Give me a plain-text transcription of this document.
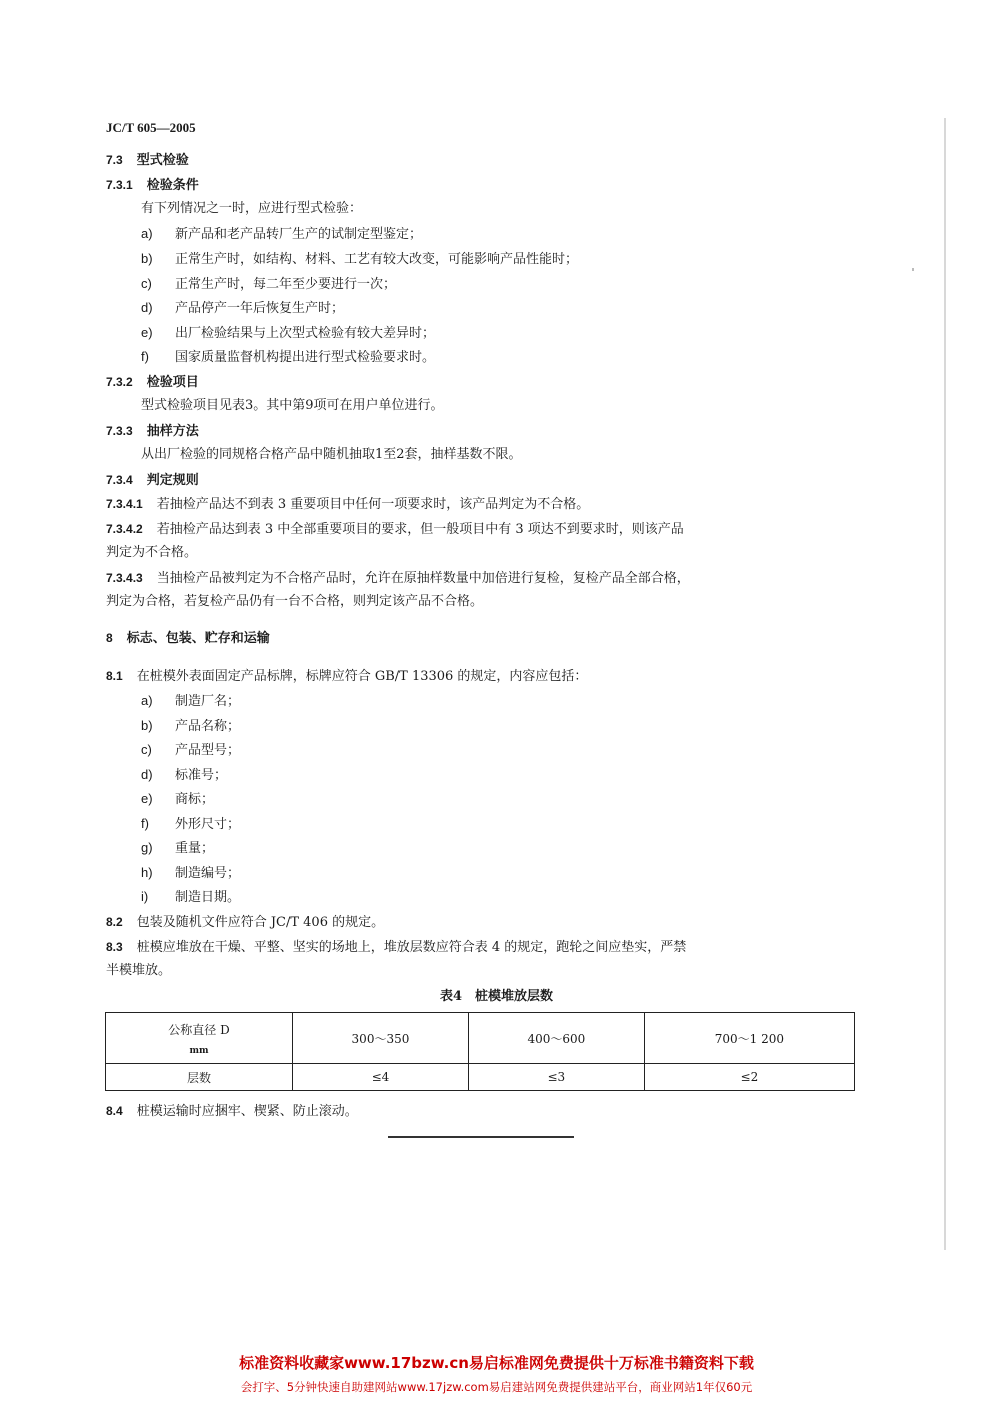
JC/T 605—2005
7.3 型式检验
7.3.1 检验条件
有下列情况之一时，应进行型式检验：
a) 新产品和老产品转厂生产的试制定型鉴定；
b) 正常生产时，如结构、材料、工艺有较大改变，可能影响产品性能时；
c) 正常生产时，每二年至少要进行一次；
d) 产品停产一年后恢复生产时；
e) 出厂检验结果与上次型式检验有较大差异时；
f) 国家质量监督机构提出进行型式检验要求时。
7.3.2 检验项目
型式检验项目见表3。其中第9项可在用户单位进行。
7.3.3 抽样方法
从出厂检验的同规格合格产品中随机抽取1至2套，抽样基数不限。
7.3.4 判定规则
7.3.4.1 若抽检产品达不到表 3 重要项目中任何一项要求时，该产品判定为不合格。
7.3.4.2 若抽检产品达到表 3 中全部重要项目的要求，但一般项目中有 3 项达不到要求时，则该产品
判定为不合格。
7.3.4.3 当抽检产品被判定为不合格产品时，允许在原抽样数量中加倍进行复检，复检产品全部合格，
判定为合格，若复检产品仍有一台不合格，则判定该产品不合格。
8 标志、包装、贮存和运输
8.1 在桩模外表面固定产品标牌，标牌应符合 GB/T 13306 的规定，内容应包括：
a) 制造厂名；
b) 产品名称；
c) 产品型号；
d) 标准号；
e) 商标；
f) 外形尺寸；
g) 重量；
h) 制造编号；
i) 制造日期。
8.2 包装及随机文件应符合 JC/T 406 的规定。
8.3 桩模应堆放在干燥、平整、坚实的场地上，堆放层数应符合表 4 的规定，跑轮之间应垫实，严禁
半模堆放。
表4　桩模堆放层数
公称直径 D
mm	300～350	400～600	700～1 200
层数	≤4	≤3	≤2
8.4 桩模运输时应捆牢、楔紧、防止滚动。
标准资料收藏家www.17bzw.cn易启标准网免费提供十万标准书籍资料下载
会打字、5分钟快速自助建网站www.17jzw.com易启建站网免费提供建站平台，商业网站1年仅60元
